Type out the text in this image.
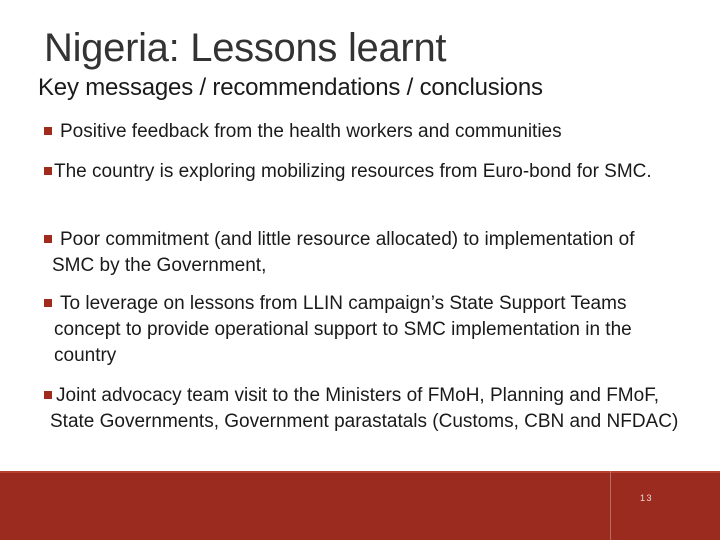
Nigeria: Lessons learnt
Key messages / recommendations / conclusions
Positive feedback from the health workers and communities
The country is exploring mobilizing resources from Euro-bond for SMC.
Poor commitment (and little resource allocated) to implementation of SMC by the Government,
To leverage on lessons from LLIN campaign’s State Support Teams concept to provide operational support to SMC implementation in the country
Joint advocacy team visit to the Ministers of FMoH, Planning and FMoF, State Governments, Government parastatals (Customs, CBN and NFDAC)
13
